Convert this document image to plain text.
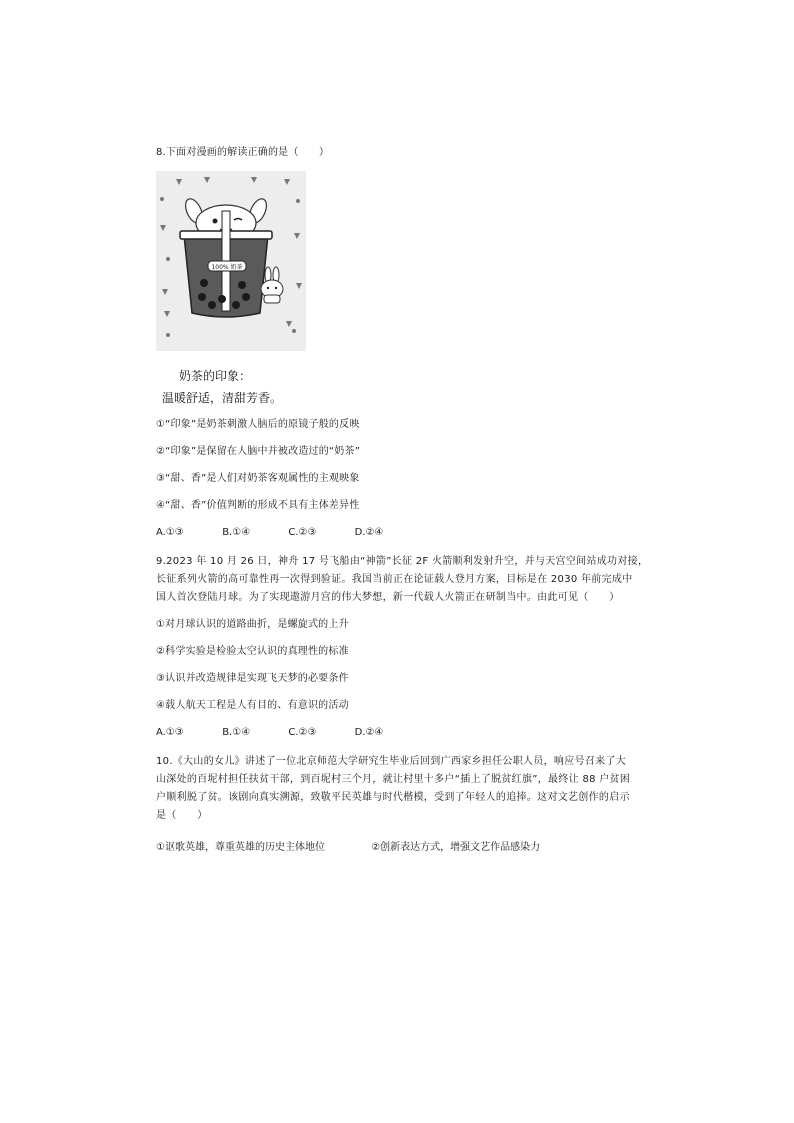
8.下面对漫画的解读正确的是（　　）
100% 奶茶
奶茶的印象：
温暖舒适，清甜芳香。
①“印象”是奶茶刺激人脑后的原镜子般的反映
②“印象”是保留在人脑中并被改造过的“奶茶”
③“甜、香”是人们对奶茶客观属性的主观映象
④“甜、香”价值判断的形成不具有主体差异性
A.①③	B.①④	C.②③	D.②④
9.2023 年 10 月 26 日，神舟 17 号飞船由“神箭”长征 2F 火箭顺利发射升空，并与天宫空间站成功对接，
长征系列火箭的高可靠性再一次得到验证。我国当前正在论证载人登月方案，目标是在 2030 年前完成中
国人首次登陆月球。为了实现遨游月宫的伟大梦想，新一代载人火箭正在研制当中。由此可见（　　）
①对月球认识的道路曲折，是螺旋式的上升
②科学实验是检验太空认识的真理性的标准
③认识并改造规律是实现飞天梦的必要条件
④载人航天工程是人有目的、有意识的活动
A.①③	B.①④	C.②③	D.②④
10.《大山的女儿》讲述了一位北京师范大学研究生毕业后回到广西家乡担任公职人员，响应号召来了大
山深处的百坭村担任扶贫干部，到百坭村三个月，就让村里十多户“插上了脱贫红旗”，最终让 88 户贫困
户顺利脱了贫。该剧向真实溯源，致敬平民英雄与时代楷模，受到了年轻人的追捧。这对文艺创作的启示
是（　　）
①讴歌英雄，尊重英雄的历史主体地位	②创新表达方式，增强文艺作品感染力
